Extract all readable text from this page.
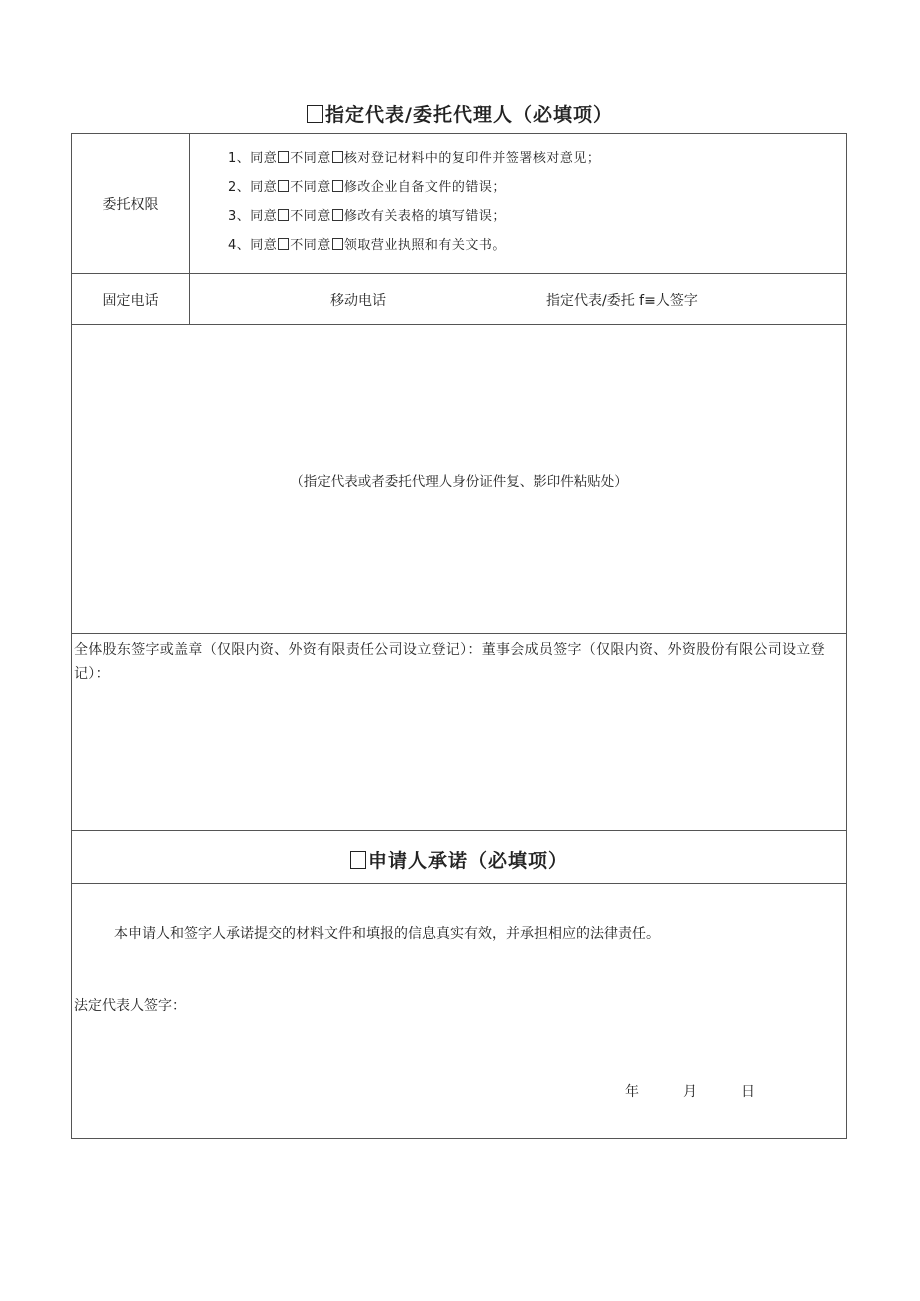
指定代表/委托代理人（必填项）
委托权限
1、同意 不同意 核对登记材料中的复印件并签署核对意见；
2、同意 不同意 修改企业自备文件的错误；
3、同意 不同意 修改有关表格的填写错误；
4、同意 不同意 领取营业执照和有关文书。
固定电话	移动电话	指定代表/委托 f≡人签字
（指定代表或者委托代理人身份证件复、影印件粘贴处）
全体股东签字或盖章（仅限内资、外资有限责任公司设立登记）：董事会成员签字（仅限内资、外资股份有限公司设立登记）：
申请人承诺（必填项）
本申请人和签字人承诺提交的材料文件和填报的信息真实有效，并承担相应的法律责任。
法定代表人签字：
年	月	日
